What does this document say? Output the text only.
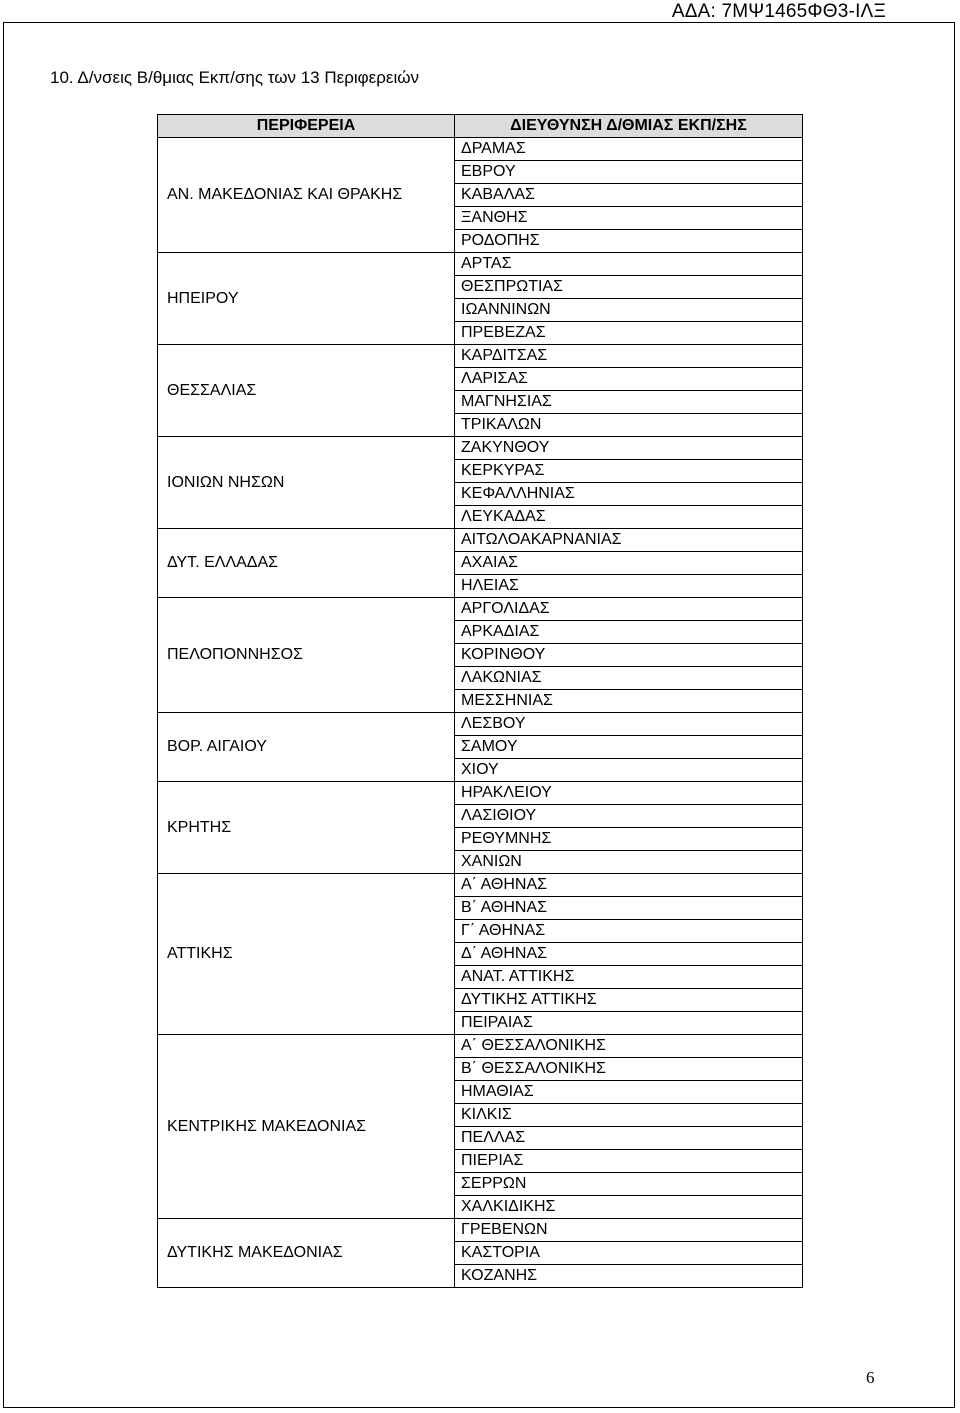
ΑΔΑ: 7ΜΨ1465ΦΘ3-ΙΛΞ
10. Δ/νσεις Β/θμιας Εκπ/σης των 13 Περιφερειών
ΠΕΡΙΦΕΡΕΙΑ	ΔΙΕΥΘΥΝΣΗ Δ/ΘΜΙΑΣ ΕΚΠ/ΣΗΣ
ΑΝ. ΜΑΚΕΔΟΝΙΑΣ ΚΑΙ ΘΡΑΚΗΣ	ΔΡΑΜΑΣ
	ΕΒΡΟΥ
	ΚΑΒΑΛΑΣ
	ΞΑΝΘΗΣ
	ΡΟΔΟΠΗΣ
ΗΠΕΙΡΟΥ	ΑΡΤΑΣ
	ΘΕΣΠΡΩΤΙΑΣ
	ΙΩΑΝΝΙΝΩΝ
	ΠΡΕΒΕΖΑΣ
ΘΕΣΣΑΛΙΑΣ	ΚΑΡΔΙΤΣΑΣ
	ΛΑΡΙΣΑΣ
	ΜΑΓΝΗΣΙΑΣ
	ΤΡΙΚΑΛΩΝ
ΙΟΝΙΩΝ ΝΗΣΩΝ	ΖΑΚΥΝΘΟΥ
	ΚΕΡΚΥΡΑΣ
	ΚΕΦΑΛΛΗΝΙΑΣ
	ΛΕΥΚΑΔΑΣ
ΔΥΤ. ΕΛΛΑΔΑΣ	ΑΙΤΩΛΟΑΚΑΡΝΑΝΙΑΣ
	ΑΧΑΙΑΣ
	ΗΛΕΙΑΣ
ΠΕΛΟΠΟΝΝΗΣΟΣ	ΑΡΓΟΛΙΔΑΣ
	ΑΡΚΑΔΙΑΣ
	ΚΟΡΙΝΘΟΥ
	ΛΑΚΩΝΙΑΣ
	ΜΕΣΣΗΝΙΑΣ
ΒΟΡ. ΑΙΓΑΙΟΥ	ΛΕΣΒΟΥ
	ΣΑΜΟΥ
	ΧΙΟΥ
ΚΡΗΤΗΣ	ΗΡΑΚΛΕΙΟΥ
	ΛΑΣΙΘΙΟΥ
	ΡΕΘΥΜΝΗΣ
	ΧΑΝΙΩΝ
ΑΤΤΙΚΗΣ	Α΄ ΑΘΗΝΑΣ
	Β΄ ΑΘΗΝΑΣ
	Γ΄ ΑΘΗΝΑΣ
	Δ΄ ΑΘΗΝΑΣ
	ΑΝΑΤ. ΑΤΤΙΚΗΣ
	ΔΥΤΙΚΗΣ ΑΤΤΙΚΗΣ
	ΠΕΙΡΑΙΑΣ
ΚΕΝΤΡΙΚΗΣ ΜΑΚΕΔΟΝΙΑΣ	Α΄ ΘΕΣΣΑΛΟΝΙΚΗΣ
	Β΄ ΘΕΣΣΑΛΟΝΙΚΗΣ
	ΗΜΑΘΙΑΣ
	ΚΙΛΚΙΣ
	ΠΕΛΛΑΣ
	ΠΙΕΡΙΑΣ
	ΣΕΡΡΩΝ
	ΧΑΛΚΙΔΙΚΗΣ
ΔΥΤΙΚΗΣ ΜΑΚΕΔΟΝΙΑΣ	ΓΡΕΒΕΝΩΝ
	ΚΑΣΤΟΡΙΑ
	ΚΟΖΑΝΗΣ
6
